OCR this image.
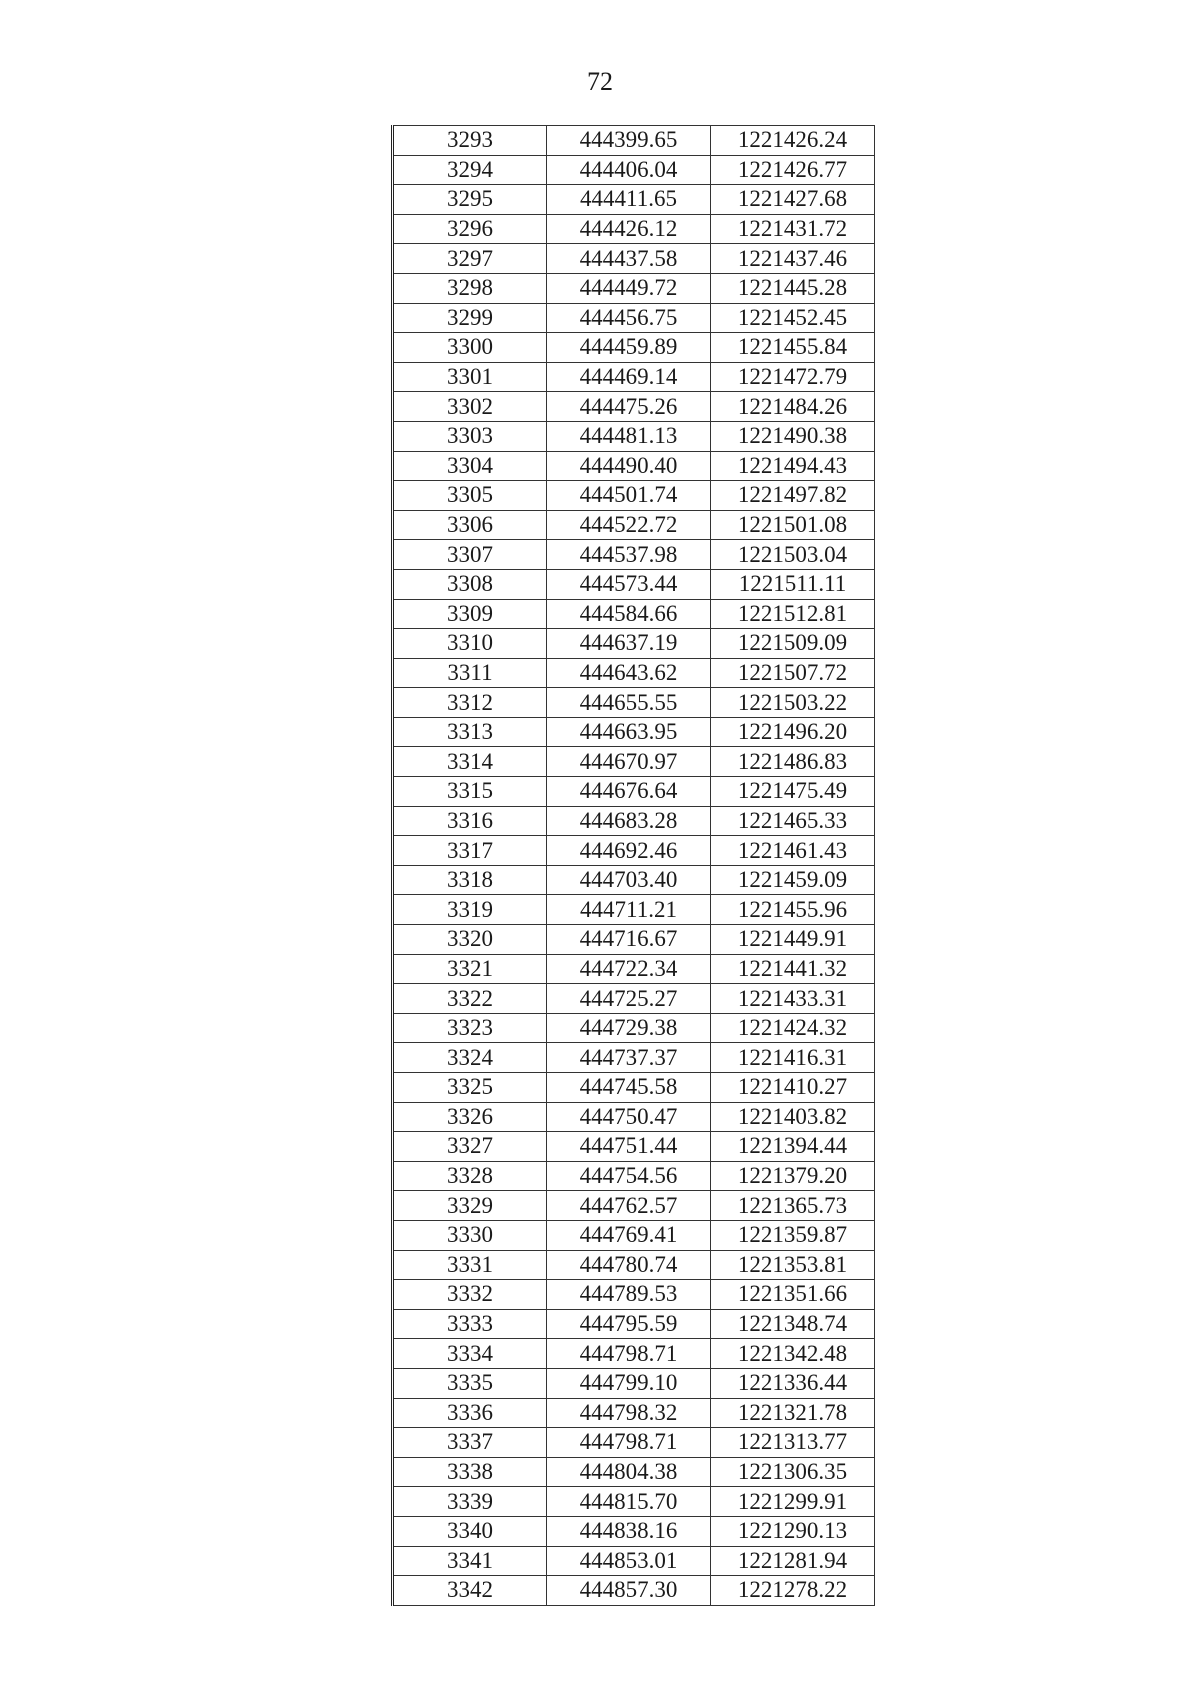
72
3293	444399.65	1221426.24
3294	444406.04	1221426.77
3295	444411.65	1221427.68
3296	444426.12	1221431.72
3297	444437.58	1221437.46
3298	444449.72	1221445.28
3299	444456.75	1221452.45
3300	444459.89	1221455.84
3301	444469.14	1221472.79
3302	444475.26	1221484.26
3303	444481.13	1221490.38
3304	444490.40	1221494.43
3305	444501.74	1221497.82
3306	444522.72	1221501.08
3307	444537.98	1221503.04
3308	444573.44	1221511.11
3309	444584.66	1221512.81
3310	444637.19	1221509.09
3311	444643.62	1221507.72
3312	444655.55	1221503.22
3313	444663.95	1221496.20
3314	444670.97	1221486.83
3315	444676.64	1221475.49
3316	444683.28	1221465.33
3317	444692.46	1221461.43
3318	444703.40	1221459.09
3319	444711.21	1221455.96
3320	444716.67	1221449.91
3321	444722.34	1221441.32
3322	444725.27	1221433.31
3323	444729.38	1221424.32
3324	444737.37	1221416.31
3325	444745.58	1221410.27
3326	444750.47	1221403.82
3327	444751.44	1221394.44
3328	444754.56	1221379.20
3329	444762.57	1221365.73
3330	444769.41	1221359.87
3331	444780.74	1221353.81
3332	444789.53	1221351.66
3333	444795.59	1221348.74
3334	444798.71	1221342.48
3335	444799.10	1221336.44
3336	444798.32	1221321.78
3337	444798.71	1221313.77
3338	444804.38	1221306.35
3339	444815.70	1221299.91
3340	444838.16	1221290.13
3341	444853.01	1221281.94
3342	444857.30	1221278.22
